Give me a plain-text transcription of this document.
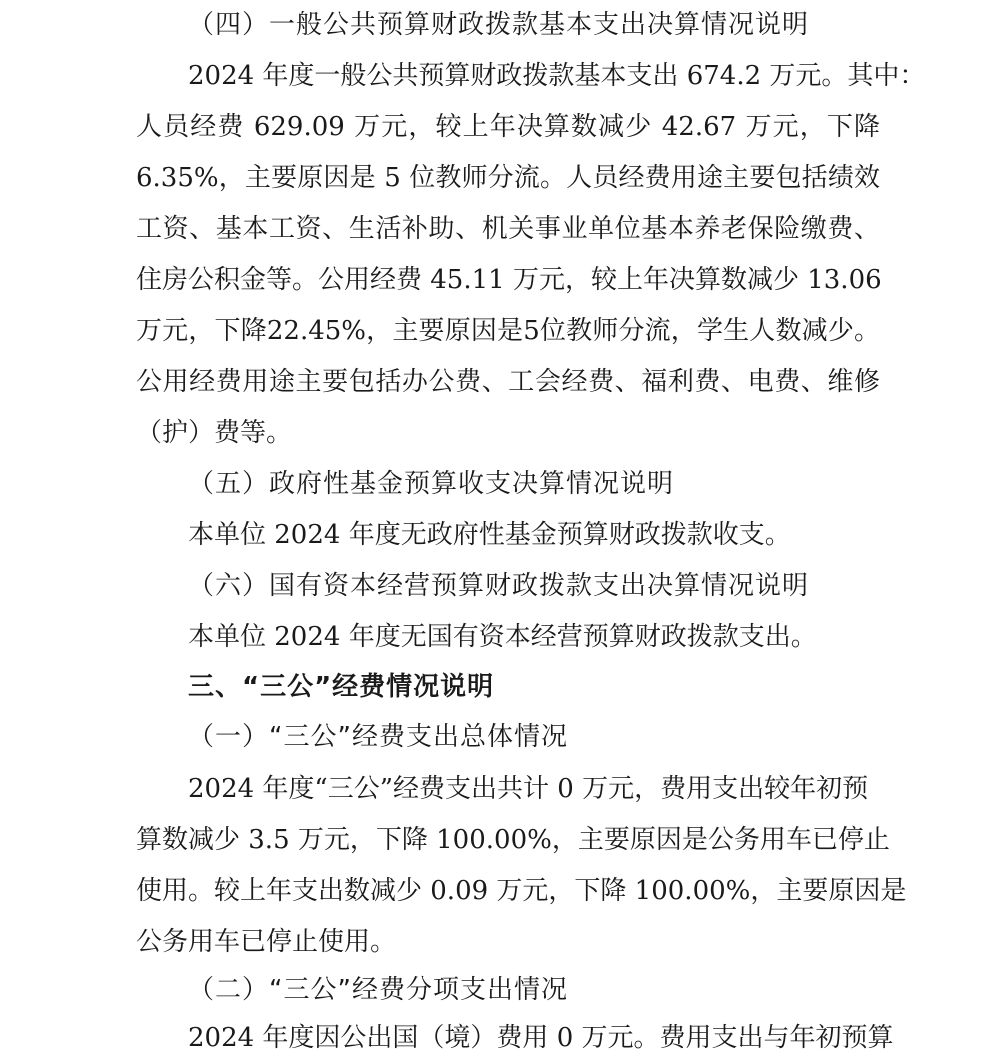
（四）一般公共预算财政拨款基本支出决算情况说明
2024 年度一般公共预算财政拨款基本支出 674.2 万元。其中：
人员经费 629.09 万元，较上年决算数减少 42.67 万元，下降
6.35%，主要原因是 5 位教师分流。人员经费用途主要包括绩效
工资、基本工资、生活补助、机关事业单位基本养老保险缴费、
住房公积金等。公用经费 45.11 万元，较上年决算数减少 13.06
万元，下降22.45%，主要原因是5位教师分流，学生人数减少。
公用经费用途主要包括办公费、工会经费、福利费、电费、维修
（护）费等。
（五）政府性基金预算收支决算情况说明
本单位 2024 年度无政府性基金预算财政拨款收支。
（六）国有资本经营预算财政拨款支出决算情况说明
本单位 2024 年度无国有资本经营预算财政拨款支出。
三、“三公”经费情况说明
（一）“三公”经费支出总体情况
2024 年度“三公”经费支出共计 0 万元，费用支出较年初预
算数减少 3.5 万元，下降 100.00%，主要原因是公务用车已停止
使用。较上年支出数减少 0.09 万元，下降 100.00%，主要原因是
公务用车已停止使用。
（二）“三公”经费分项支出情况
2024 年度因公出国（境）费用 0 万元。费用支出与年初预算
